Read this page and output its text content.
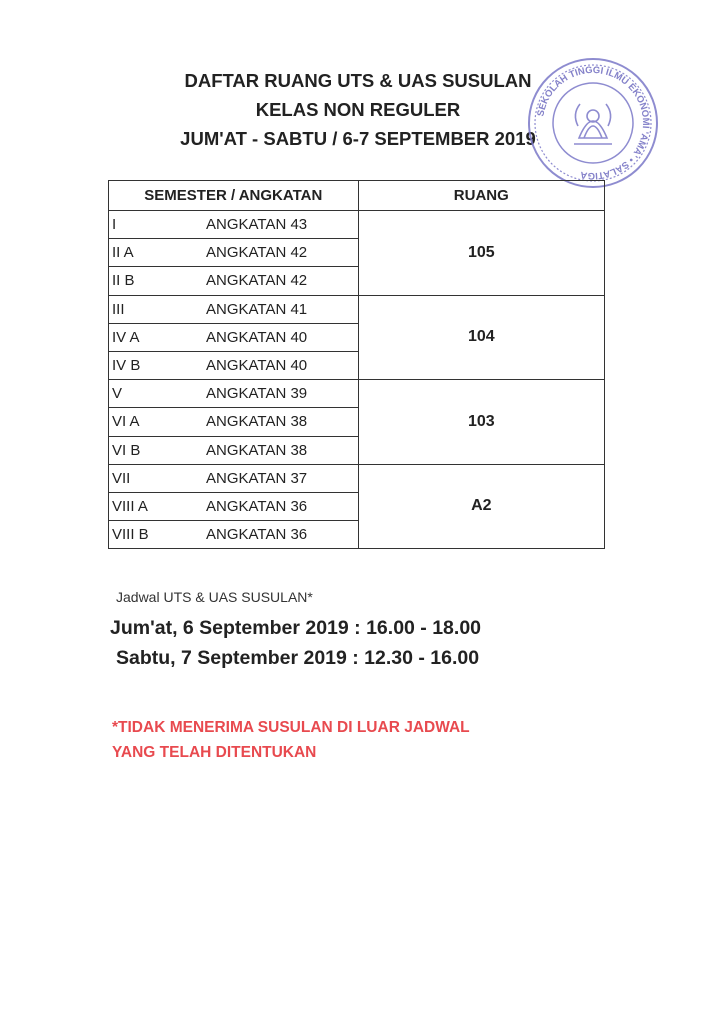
DAFTAR RUANG UTS & UAS SUSULAN
KELAS NON REGULER
JUM'AT - SABTU / 6-7 SEPTEMBER 2019
SEKOLAH TINGGI ILMU EKONOMI 'AMA' • SALATIGA
SEMESTER / ANGKATAN	RUANG

I ANGKATAN 43	105

II A ANGKATAN 42	

II B ANGKATAN 42	

III ANGKATAN 41	104

IV A ANGKATAN 40	

IV B ANGKATAN 40	

V ANGKATAN 39	103

VI A ANGKATAN 38	

VI B ANGKATAN 38	

VII ANGKATAN 37	A2

VIII A ANGKATAN 36	

VIII B ANGKATAN 36	
Jadwal UTS & UAS SUSULAN*
Jum'at, 6 September 2019 : 16.00 - 18.00
Sabtu, 7 September 2019 : 12.30 - 16.00
*TIDAK MENERIMA SUSULAN DI LUAR JADWAL
YANG TELAH DITENTUKAN
